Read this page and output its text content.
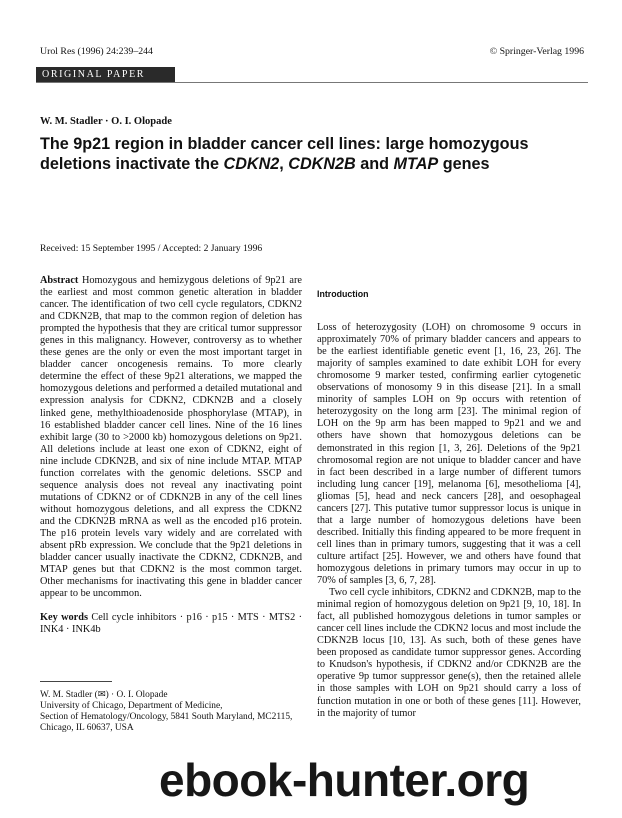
Urol Res (1996) 24:239–244	© Springer-Verlag 1996
ORIGINAL PAPER
W. M. Stadler · O. I. Olopade
The 9p21 region in bladder cancer cell lines: large homozygous deletions inactivate the CDKN2, CDKN2B and MTAP genes
Received: 15 September 1995 / Accepted: 2 January 1996

Abstract Homozygous and hemizygous deletions of 9p21 are the earliest and most common genetic alteration in bladder cancer. The identification of two cell cycle regulators, CDKN2 and CDKN2B, that map to the common region of deletion has prompted the hypothesis that they are critical tumor suppressor genes in this malignancy. However, controversy as to whether these genes are the only or even the most important target in bladder cancer oncogenesis remains. To more clearly determine the effect of these 9p21 alterations, we mapped the homozygous deletions and performed a detailed mutational and expression analysis for CDKN2, CDKN2B and a closely linked gene, methylthioadenoside phosphorylase (MTAP), in 16 established bladder cancer cell lines. Nine of the 16 lines exhibit large (30 to >2000 kb) homozygous deletions on 9p21. All deletions include at least one exon of CDKN2, eight of nine include CDKN2B, and six of nine include MTAP. MTAP function correlates with the genomic deletions. SSCP and sequence analysis does not reveal any inactivating point mutations of CDKN2 or of CDKN2B in any of the cell lines without homozygous deletions, and all express the CDKN2 and the CDKN2B mRNA as well as the encoded p16 protein. The p16 protein levels vary widely and are correlated with absent pRb expression. We conclude that the 9p21 deletions in bladder cancer usually inactivate the CDKN2, CDKN2B, and MTAP genes but that CDKN2 is the most common target. Other mechanisms for inactivating this gene in bladder cancer appear to be uncommon.

Key words Cell cycle inhibitors · p16 · p15 · MTS · MTS2 · INK4 · INK4b

Introduction

Loss of heterozygosity (LOH) on chromosome 9 occurs in approximately 70% of primary bladder cancers and appears to be the earliest identifiable genetic event [1, 16, 23, 26]. The majority of samples examined to date exhibit LOH for every chromosome 9 marker tested, confirming earlier cytogenetic observations of monosomy 9 in this disease [21]. In a small minority of samples LOH on 9p occurs with retention of heterozygosity on the long arm [23]. The minimal region of LOH on the 9p arm has been mapped to 9p21 and we and others have shown that homozygous deletions can be demonstrated in this region [1, 3, 26]. Deletions of the 9p21 chromosomal region are not unique to bladder cancer and have in fact been described in a large number of different tumors including lung cancer [19], melanoma [6], mesothelioma [4], gliomas [5], head and neck cancers [28], and oesophageal cancers [27]. This putative tumor suppressor locus is unique in that a large number of homozygous deletions have been described. Initially this finding appeared to be more frequent in cell lines than in primary tumors, suggesting that it was a cell culture artifact [25]. However, we and others have found that homozygous deletions in primary tumors may occur in up to 70% of samples [3, 6, 7, 28].

Two cell cycle inhibitors, CDKN2 and CDKN2B, map to the minimal region of homozygous deletion on 9p21 [9, 10, 18]. In fact, all published homozygous deletions in tumor samples or cancer cell lines include the CDKN2 locus and most include the CDKN2B locus [10, 13]. As such, both of these genes have been proposed as candidate tumor suppressor genes. According to Knudson's hypothesis, if CDKN2 and/or CDKN2B are the operative 9p tumor suppressor gene(s), then the retained allele in those samples with LOH on 9p21 should carry a loss of function mutation in one or both of these genes [11]. However, in the majority of tumor

W. M. Stadler (✉) · O. I. Olopade
University of Chicago, Department of Medicine,
Section of Hematology/Oncology, 5841 South Maryland, MC2115,
Chicago, IL 60637, USA
ebook-hunter.org
